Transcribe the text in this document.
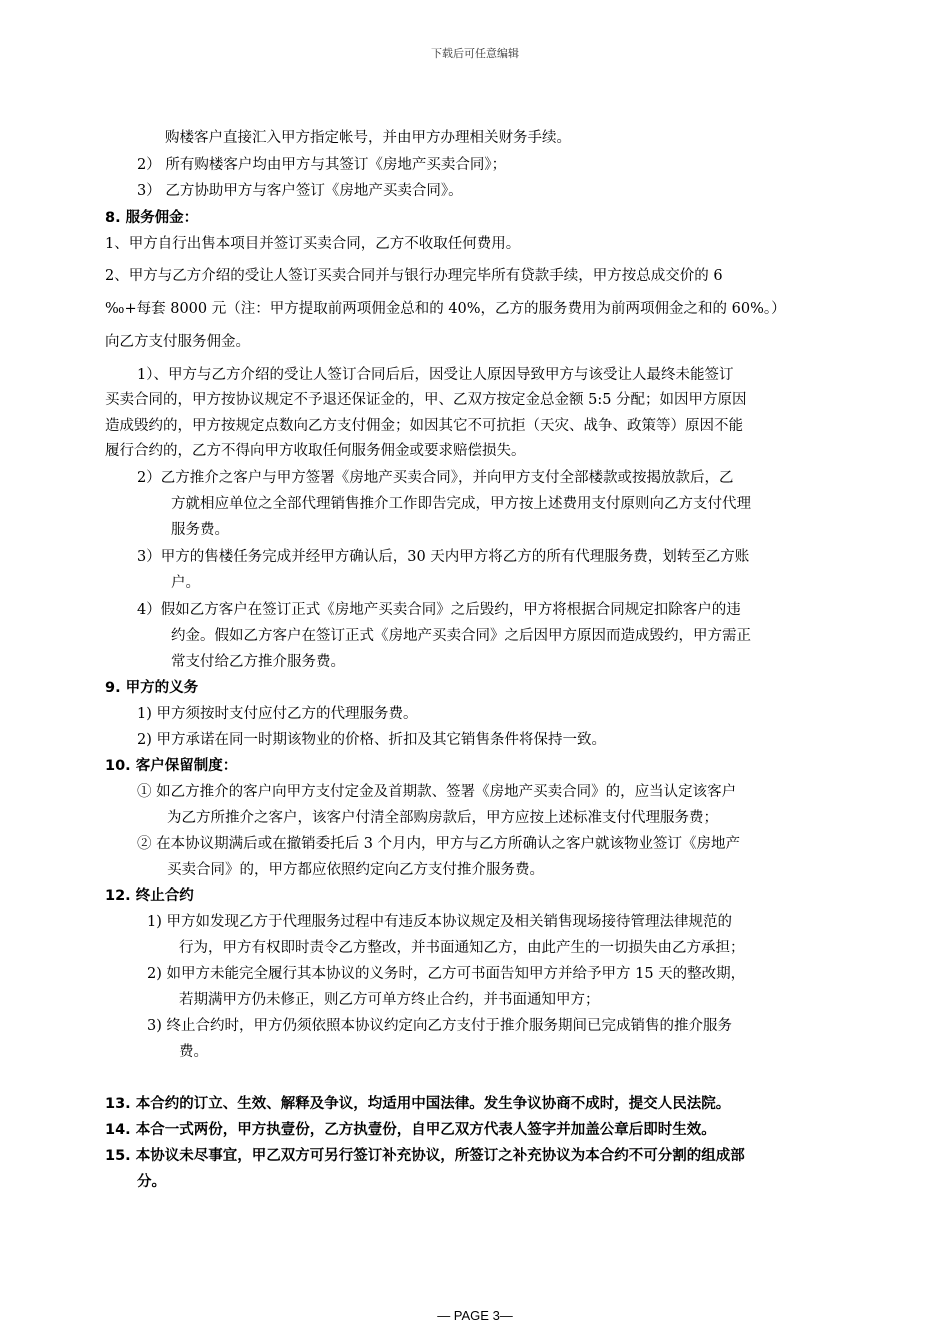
下载后可任意编辑
购楼客户直接汇入甲方指定帐号，并由甲方办理相关财务手续。
2） 所有购楼客户均由甲方与其签订《房地产买卖合同》；
3） 乙方协助甲方与客户签订《房地产买卖合同》。
8. 服务佣金：
1、甲方自行出售本项目并签订买卖合同，乙方不收取任何费用。
2、甲方与乙方介绍的受让人签订买卖合同并与银行办理完毕所有贷款手续，甲方按总成交价的 6
‰+每套 8000 元（注：甲方提取前两项佣金总和的 40%，乙方的服务费用为前两项佣金之和的 60%。）
向乙方支付服务佣金。
1）、甲方与乙方介绍的受让人签订合同后后，因受让人原因导致甲方与该受让人最终未能签订
买卖合同的，甲方按协议规定不予退还保证金的，甲、乙双方按定金总金额 5:5 分配；如因甲方原因
造成毁约的，甲方按规定点数向乙方支付佣金；如因其它不可抗拒（天灾、战争、政策等）原因不能
履行合约的，乙方不得向甲方收取任何服务佣金或要求赔偿损失。
2）乙方推介之客户与甲方签署《房地产买卖合同》，并向甲方支付全部楼款或按揭放款后，乙
方就相应单位之全部代理销售推介工作即告完成，甲方按上述费用支付原则向乙方支付代理
服务费。
3）甲方的售楼任务完成并经甲方确认后，30 天内甲方将乙方的所有代理服务费，划转至乙方账
户。
4）假如乙方客户在签订正式《房地产买卖合同》之后毁约，甲方将根据合同规定扣除客户的违
约金。假如乙方客户在签订正式《房地产买卖合同》之后因甲方原因而造成毁约，甲方需正
常支付给乙方推介服务费。
9. 甲方的义务
1) 甲方须按时支付应付乙方的代理服务费。
2) 甲方承诺在同一时期该物业的价格、折扣及其它销售条件将保持一致。
10. 客户保留制度：
① 如乙方推介的客户向甲方支付定金及首期款、签署《房地产买卖合同》的，应当认定该客户
为乙方所推介之客户，该客户付清全部购房款后，甲方应按上述标准支付代理服务费；
② 在本协议期满后或在撤销委托后 3 个月内，甲方与乙方所确认之客户就该物业签订《房地产
买卖合同》的，甲方都应依照约定向乙方支付推介服务费。
12. 终止合约
1) 甲方如发现乙方于代理服务过程中有违反本协议规定及相关销售现场接待管理法律规范的
行为，甲方有权即时责令乙方整改，并书面通知乙方，由此产生的一切损失由乙方承担；
2) 如甲方未能完全履行其本协议的义务时，乙方可书面告知甲方并给予甲方 15 天的整改期，
若期满甲方仍未修正，则乙方可单方终止合约，并书面通知甲方；
3) 终止合约时，甲方仍须依照本协议约定向乙方支付于推介服务期间已完成销售的推介服务
费。
13. 本合约的订立、生效、解释及争议，均适用中国法律。发生争议协商不成时，提交人民法院。
14. 本合一式两份，甲方执壹份，乙方执壹份，自甲乙双方代表人签字并加盖公章后即时生效。
15. 本协议未尽事宜，甲乙双方可另行签订补充协议，所签订之补充协议为本合约不可分割的组成部
分。
— PAGE 3—
